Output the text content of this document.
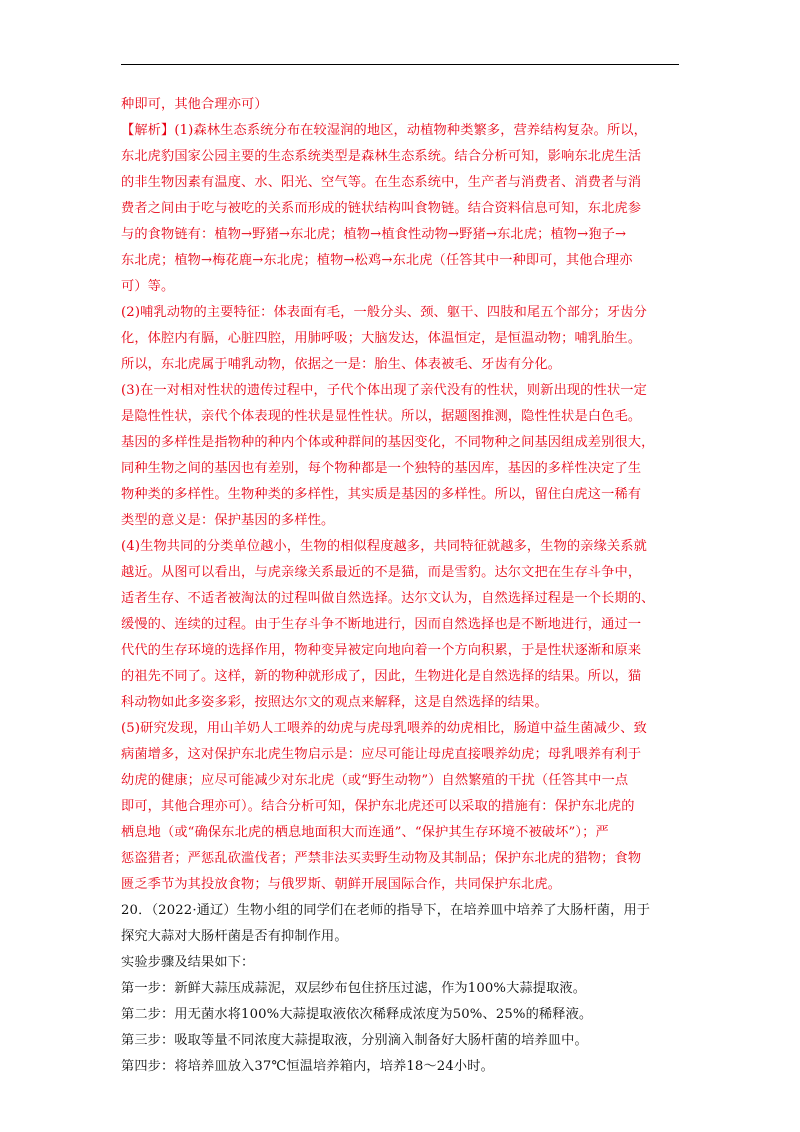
种即可，其他合理亦可）
【解析】(1)森林生态系统分布在较湿润的地区，动植物种类繁多，营养结构复杂。所以，
东北虎豹国家公园主要的生态系统类型是森林生态系统。结合分析可知，影响东北虎生活
的非生物因素有温度、水、阳光、空气等。在生态系统中，生产者与消费者、消费者与消
费者之间由于吃与被吃的关系而形成的链状结构叫食物链。结合资料信息可知，东北虎参
与的食物链有：植物→野猪→东北虎；植物→植食性动物→野猪→东北虎；植物→狍子→
东北虎；植物→梅花鹿→东北虎；植物→松鸡→东北虎（任答其中一种即可，其他合理亦
可）等。
(2)哺乳动物的主要特征：体表面有毛，一般分头、颈、躯干、四肢和尾五个部分；牙齿分
化，体腔内有膈，心脏四腔，用肺呼吸；大脑发达，体温恒定，是恒温动物；哺乳胎生。
所以，东北虎属于哺乳动物，依据之一是：胎生、体表被毛、牙齿有分化。
(3)在一对相对性状的遗传过程中，子代个体出现了亲代没有的性状，则新出现的性状一定
是隐性性状，亲代个体表现的性状是显性性状。所以，据题图推测，隐性性状是白色毛。
基因的多样性是指物种的种内个体或种群间的基因变化，不同物种之间基因组成差别很大，
同种生物之间的基因也有差别，每个物种都是一个独特的基因库，基因的多样性决定了生
物种类的多样性。生物种类的多样性，其实质是基因的多样性。所以，留住白虎这一稀有
类型的意义是：保护基因的多样性。
(4)生物共同的分类单位越小，生物的相似程度越多，共同特征就越多，生物的亲缘关系就
越近。从图可以看出，与虎亲缘关系最近的不是猫，而是雪豹。达尔文把在生存斗争中，
适者生存、不适者被淘汰的过程叫做自然选择。达尔文认为，自然选择过程是一个长期的、
缓慢的、连续的过程。由于生存斗争不断地进行，因而自然选择也是不断地进行，通过一
代代的生存环境的选择作用，物种变异被定向地向着一个方向积累，于是性状逐渐和原来
的祖先不同了。这样，新的物种就形成了，因此，生物进化是自然选择的结果。所以，猫
科动物如此多姿多彩，按照达尔文的观点来解释，这是自然选择的结果。
(5)研究发现，用山羊奶人工喂养的幼虎与虎母乳喂养的幼虎相比，肠道中益生菌减少、致
病菌增多，这对保护东北虎生物启示是：应尽可能让母虎直接喂养幼虎；母乳喂养有利于
幼虎的健康；应尽可能减少对东北虎（或“野生动物”）自然繁殖的干扰（任答其中一点
即可，其他合理亦可）。结合分析可知，保护东北虎还可以采取的措施有：保护东北虎的
栖息地（或“确保东北虎的栖息地面积大而连通”、“保护其生存环境不被破坏”）；严
惩盗猎者；严惩乱砍滥伐者；严禁非法买卖野生动物及其制品；保护东北虎的猎物；食物
匮乏季节为其投放食物；与俄罗斯、朝鲜开展国际合作，共同保护东北虎。
20．（2022·通辽）生物小组的同学们在老师的指导下，在培养皿中培养了大肠杆菌，用于
探究大蒜对大肠杆菌是否有抑制作用。
实验步骤及结果如下：
第一步：新鲜大蒜压成蒜泥，双层纱布包住挤压过滤，作为100%大蒜提取液。
第二步：用无菌水将100%大蒜提取液依次稀释成浓度为50%、25%的稀释液。
第三步：吸取等量不同浓度大蒜提取液，分别滴入制备好大肠杆菌的培养皿中。
第四步：将培养皿放入37℃恒温培养箱内，培养18～24小时。
